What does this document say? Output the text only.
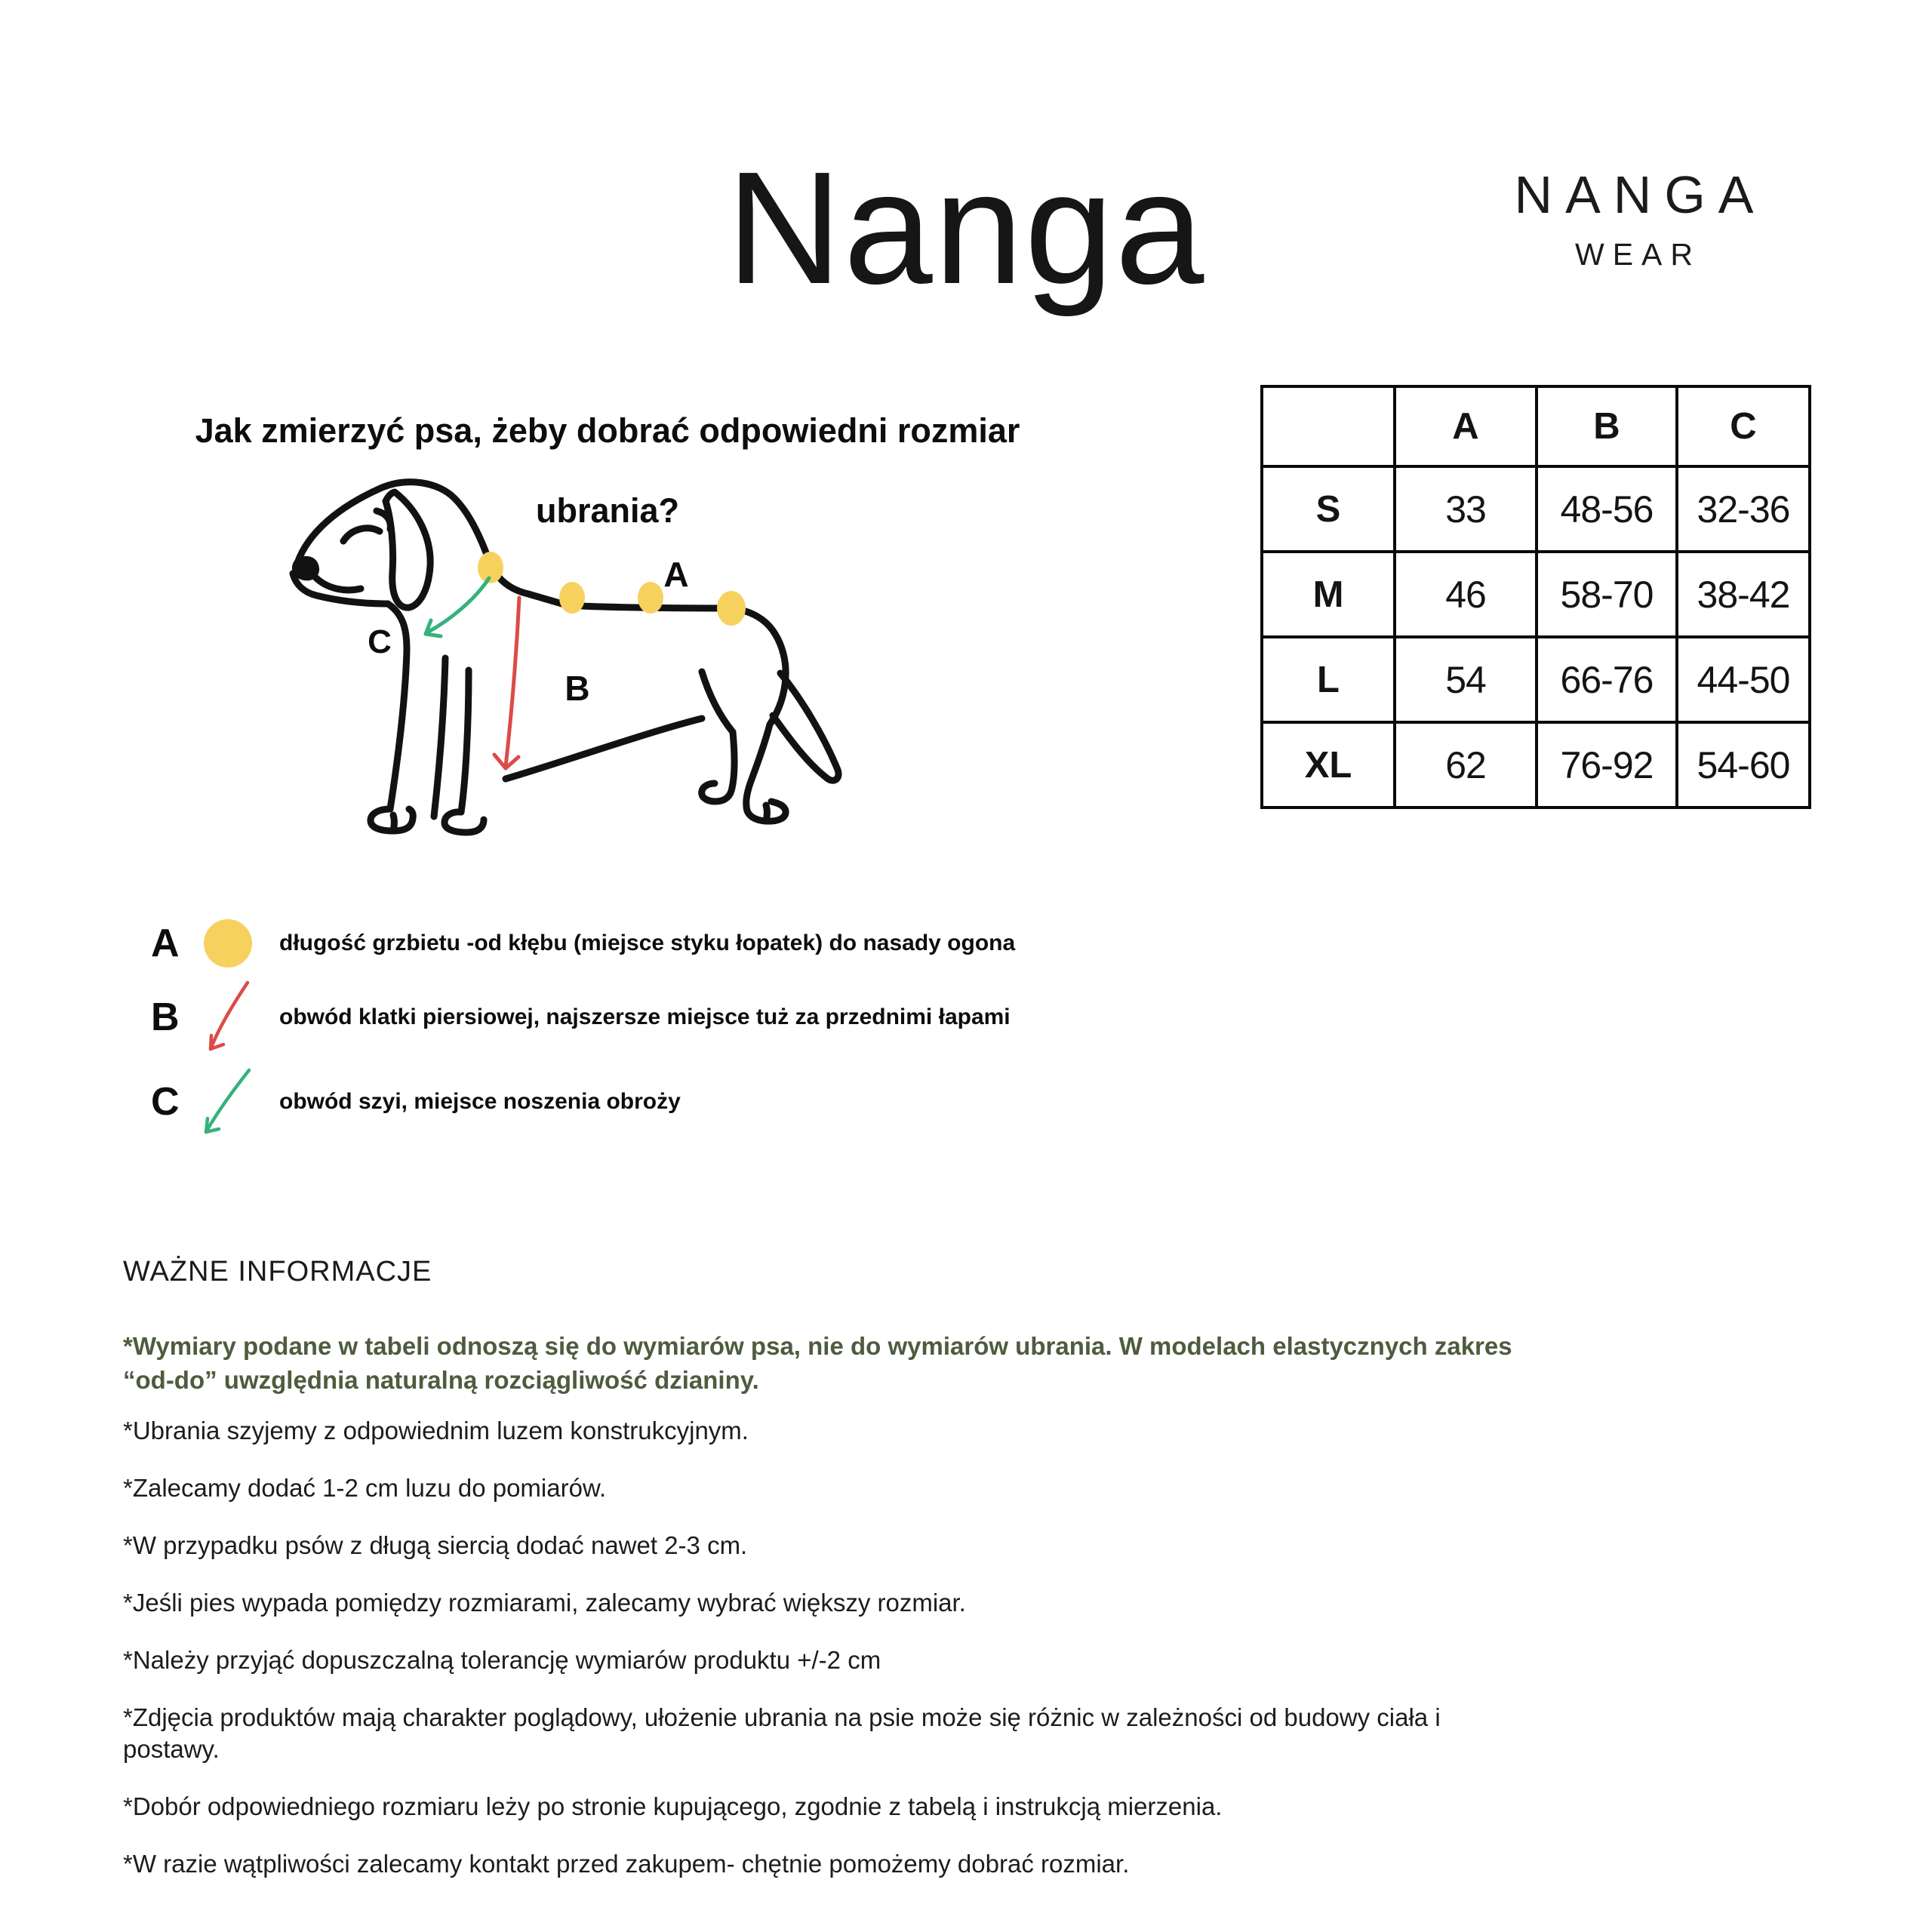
Nanga	NANGA
WEAR
Jak zmierzyć psa, żeby dobrać odpowiedni rozmiar
ubrania?
A
B
C
	A	B	C
S	33	48-56	32-36
M	46	58-70	38-42
L	54	66-76	44-50
XL	62	76-92	54-60
A	długość grzbietu -od kłębu (miejsce styku łopatek) do nasady ogona
B	obwód klatki piersiowej, najszersze miejsce tuż za przednimi łapami
C	obwód szyi, miejsce noszenia obroży
WAŻNE INFORMACJE
*Wymiary podane w tabeli odnoszą się do wymiarów psa, nie do wymiarów ubrania. W modelach elastycznych zakres
“od-do” uwzględnia naturalną rozciągliwość dzianiny.
*Ubrania szyjemy z odpowiednim luzem konstrukcyjnym.
*Zalecamy dodać 1-2 cm luzu do pomiarów.
*W przypadku psów z długą siercią dodać nawet 2-3 cm.
*Jeśli pies wypada pomiędzy rozmiarami, zalecamy wybrać większy rozmiar.
*Należy przyjąć dopuszczalną tolerancję wymiarów produktu +/-2 cm
*Zdjęcia produktów mają charakter poglądowy, ułożenie ubrania na psie może się różnic w zależności od budowy ciała i
postawy.
*Dobór odpowiedniego rozmiaru leży po stronie kupującego, zgodnie z tabelą i instrukcją mierzenia.
*W razie wątpliwości zalecamy kontakt przed zakupem- chętnie pomożemy dobrać rozmiar.
